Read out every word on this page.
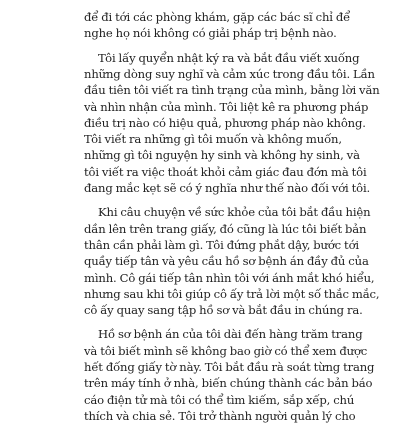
để đi tới các phòng khám, gặp các bác sĩ chỉ để
nghe họ nói không có giải pháp trị bệnh nào.
Tôi lấy quyển nhật ký ra và bắt đầu viết xuống
những dòng suy nghĩ và cảm xúc trong đầu tôi. Lần
đầu tiên tôi viết ra tình trạng của mình, bằng lời văn
và nhìn nhận của mình. Tôi liệt kê ra phương pháp
điều trị nào có hiệu quả, phương pháp nào không.
Tôi viết ra những gì tôi muốn và không muốn,
những gì tôi nguyện hy sinh và không hy sinh, và
tôi viết ra việc thoát khỏi cảm giác đau đớn mà tôi
đang mắc kẹt sẽ có ý nghĩa như thế nào đối với tôi.
Khi câu chuyện về sức khỏe của tôi bắt đầu hiện
dần lên trên trang giấy, đó cũng là lúc tôi biết bản
thân cần phải làm gì. Tôi đứng phắt dậy, bước tới
quầy tiếp tân và yêu cầu hồ sơ bệnh án đầy đủ của
mình. Cô gái tiếp tân nhìn tôi với ánh mắt khó hiểu,
nhưng sau khi tôi giúp cô ấy trả lời một số thắc mắc,
cô ấy quay sang tập hồ sơ và bắt đầu in chúng ra.
Hồ sơ bệnh án của tôi dài đến hàng trăm trang
và tôi biết mình sẽ không bao giờ có thể xem được
hết đống giấy tờ này. Tôi bắt đầu rà soát từng trang
trên máy tính ở nhà, biến chúng thành các bản báo
cáo điện tử mà tôi có thể tìm kiếm, sắp xếp, chú
thích và chia sẻ. Tôi trở thành người quản lý cho
